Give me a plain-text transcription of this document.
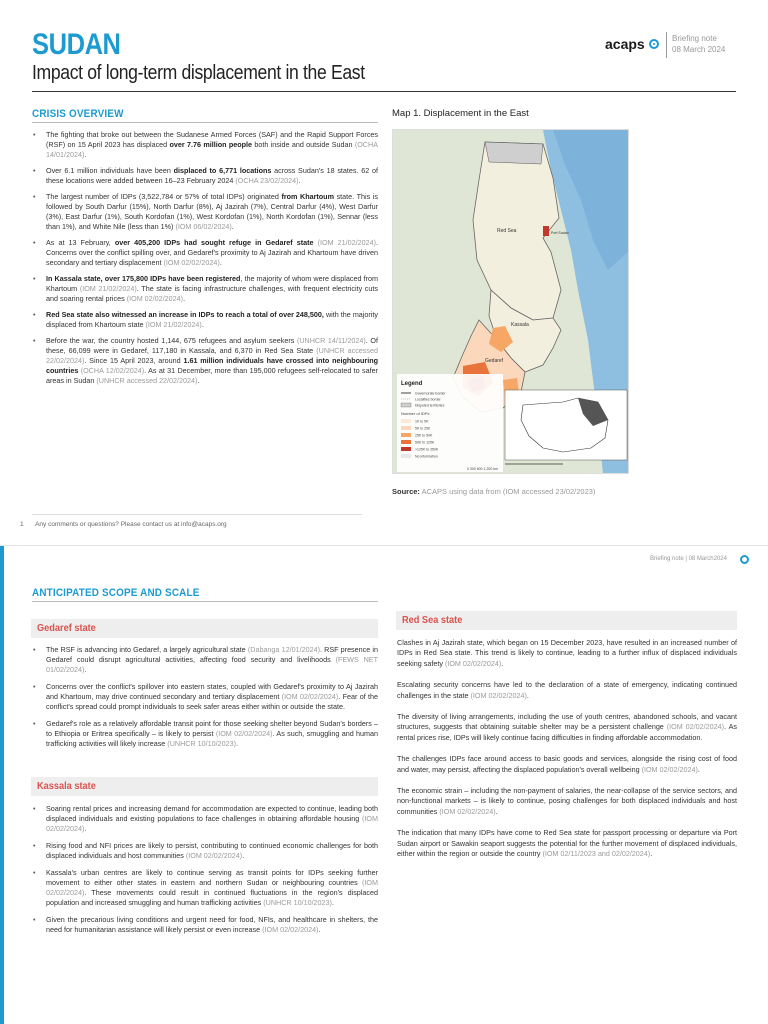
SUDAN
Impact of long-term displacement in the East
acaps	Briefing note
08 March 2024
CRISIS OVERVIEW
• The fighting that broke out between the Sudanese Armed Forces (SAF) and the Rapid Support Forces (RSF) on 15 April 2023 has displaced over 7.76 million people both inside and outside Sudan (OCHA 14/01/2024).
• Over 6.1 million individuals have been displaced to 6,771 locations across Sudan's 18 states. 62 of these locations were added between 16–23 February 2024 (OCHA 23/02/2024).
• The largest number of IDPs (3,522,784 or 57% of total IDPs) originated from Khartoum state. This is followed by South Darfur (15%), North Darfur (8%), Aj Jazirah (7%), Central Darfur (4%), West Darfur (3%), East Darfur (1%), South Kordofan (1%), West Kordofan (1%), North Kordofan (1%), Sennar (less than 1%), and White Nile (less than 1%) (IOM 06/02/2024).
• As at 13 February, over 405,200 IDPs had sought refuge in Gedaref state (IOM 21/02/2024). Concerns over the conflict spilling over, and Gedaref's proximity to Aj Jazirah and Khartoum have driven secondary and tertiary displacement (IOM 02/02/2024).
• In Kassala state, over 175,800 IDPs have been registered, the majority of whom were displaced from Khartoum (IOM 21/02/2024). The state is facing infrastructure challenges, with frequent electricity cuts and soaring rental prices (IOM 02/02/2024).
• Red Sea state also witnessed an increase in IDPs to reach a total of over 248,500, with the majority displaced from Khartoum state (IOM 21/02/2024).
• Before the war, the country hosted 1,144, 675 refugees and asylum seekers (UNHCR 14/11/2024). Of these, 66,099 were in Gedaref, 117,180 in Kassala, and 6,370 in Red Sea State (UNHCR accessed 22/02/2024). Since 15 April 2023, around 1.61 million individuals have crossed into neighbouring countries (OCHA 12/02/2024). As at 31 December, more than 195,000 refugees self-relocated to safer areas in Sudan (UNHCR accessed 22/02/2024).
Map 1. Displacement in the East
Red Sea
Kassala
Gedaref
Port Sudan
Legend
Governorate border
Localities border
Disputed territories
Number of IDPs
1K to 5K
5K to 25K
25K to 50K
50K to 125K
>125K to 250K
No information
0 300 600 1,200 km
Source: ACAPS using data from (IOM accessed 23/02/2023)
1 Any comments or questions? Please contact us at info@acaps.org
Briefing note | 08 March2024
ANTICIPATED SCOPE AND SCALE
Gedaref state
• The RSF is advancing into Gedaref, a largely agricultural state (Dabanga 12/01/2024). RSF presence in Gedaref could disrupt agricultural activities, affecting food security and livelihoods (FEWS NET 01/02/2024).
• Concerns over the conflict's spillover into eastern states, coupled with Gedaref's proximity to Aj Jazirah and Khartoum, may drive continued secondary and tertiary displacement (IOM 02/02/2024). Fear of the conflict's spread could prompt individuals to seek safer areas either within or outside the state.
• Gedaref's role as a relatively affordable transit point for those seeking shelter beyond Sudan's borders – to Ethiopia or Eritrea specifically – is likely to persist (IOM 02/02/2024). As such, smuggling and human trafficking activities will likely increase (UNHCR 10/10/2023).
Kassala state
• Soaring rental prices and increasing demand for accommodation are expected to continue, leading both displaced individuals and existing populations to face challenges in obtaining affordable housing (IOM 02/02/2024).
• Rising food and NFI prices are likely to persist, contributing to continued economic challenges for both displaced individuals and host communities (IOM 02/02/2024).
• Kassala's urban centres are likely to continue serving as transit points for IDPs seeking further movement to either other states in eastern and northern Sudan or neighbouring countries (IOM 02/02/2024). These movements could result in continued fluctuations in the region's displaced population and increased smuggling and human trafficking activities (UNHCR 10/10/2023).
• Given the precarious living conditions and urgent need for food, NFIs, and healthcare in shelters, the need for humanitarian assistance will likely persist or even increase (IOM 02/02/2024).
Red Sea state

Clashes in Aj Jazirah state, which began on 15 December 2023, have resulted in an increased number of IDPs in Red Sea state. This trend is likely to continue, leading to a further influx of displaced individuals seeking safety (IOM 02/02/2024).

Escalating security concerns have led to the declaration of a state of emergency, indicating continued challenges in the state (IOM 02/02/2024).

The diversity of living arrangements, including the use of youth centres, abandoned schools, and vacant structures, suggests that obtaining suitable shelter may be a persistent challenge (IOM 02/02/2024). As rental prices rise, IDPs will likely continue facing difficulties in finding affordable accommodation.

The challenges IDPs face around access to basic goods and services, alongside the rising cost of food and water, may persist, affecting the displaced population's overall wellbeing (IOM 02/02/2024).

The economic strain – including the non-payment of salaries, the near-collapse of the service sectors, and non-functional markets – is likely to continue, posing challenges for both displaced individuals and host communities (IOM 02/02/2024).

The indication that many IDPs have come to Red Sea state for passport processing or departure via Port Sudan airport or Sawakin seaport suggests the potential for the further movement of displaced individuals, either within the region or outside the country (IOM 02/11/2023 and 02/02/2024).
